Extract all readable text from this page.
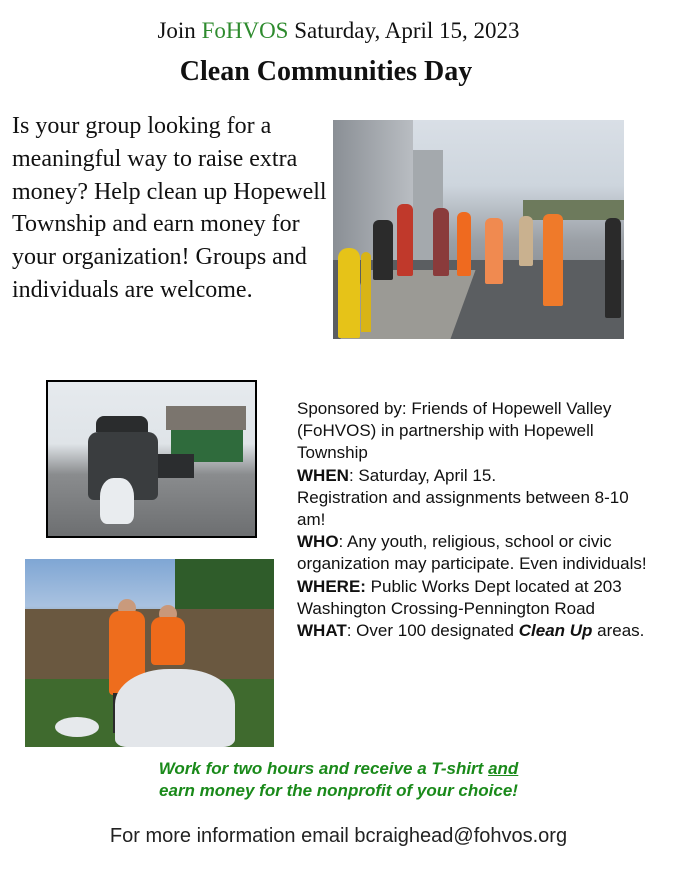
Join FoHVOS Saturday, April 15, 2023
Clean Communities Day

Is your group looking for a meaningful way to raise extra money? Help clean up Hopewell Township and earn money for your organization! Groups and individuals are welcome.

Sponsored by: Friends of Hopewell Valley (FoHVOS) in partnership with Hopewell Township

WHEN: Saturday, April 15.

Registration and assignments between 8-10 am!

WHO: Any youth, religious, school or civic organization may participate. Even individuals!

WHERE: Public Works Dept located at 203 Washington Crossing-Pennington Road

WHAT: Over 100 designated Clean Up areas.

Work for two hours and receive a T-shirt and
earn money for the nonprofit of your choice!
For more information email bcraighead@fohvos.org
